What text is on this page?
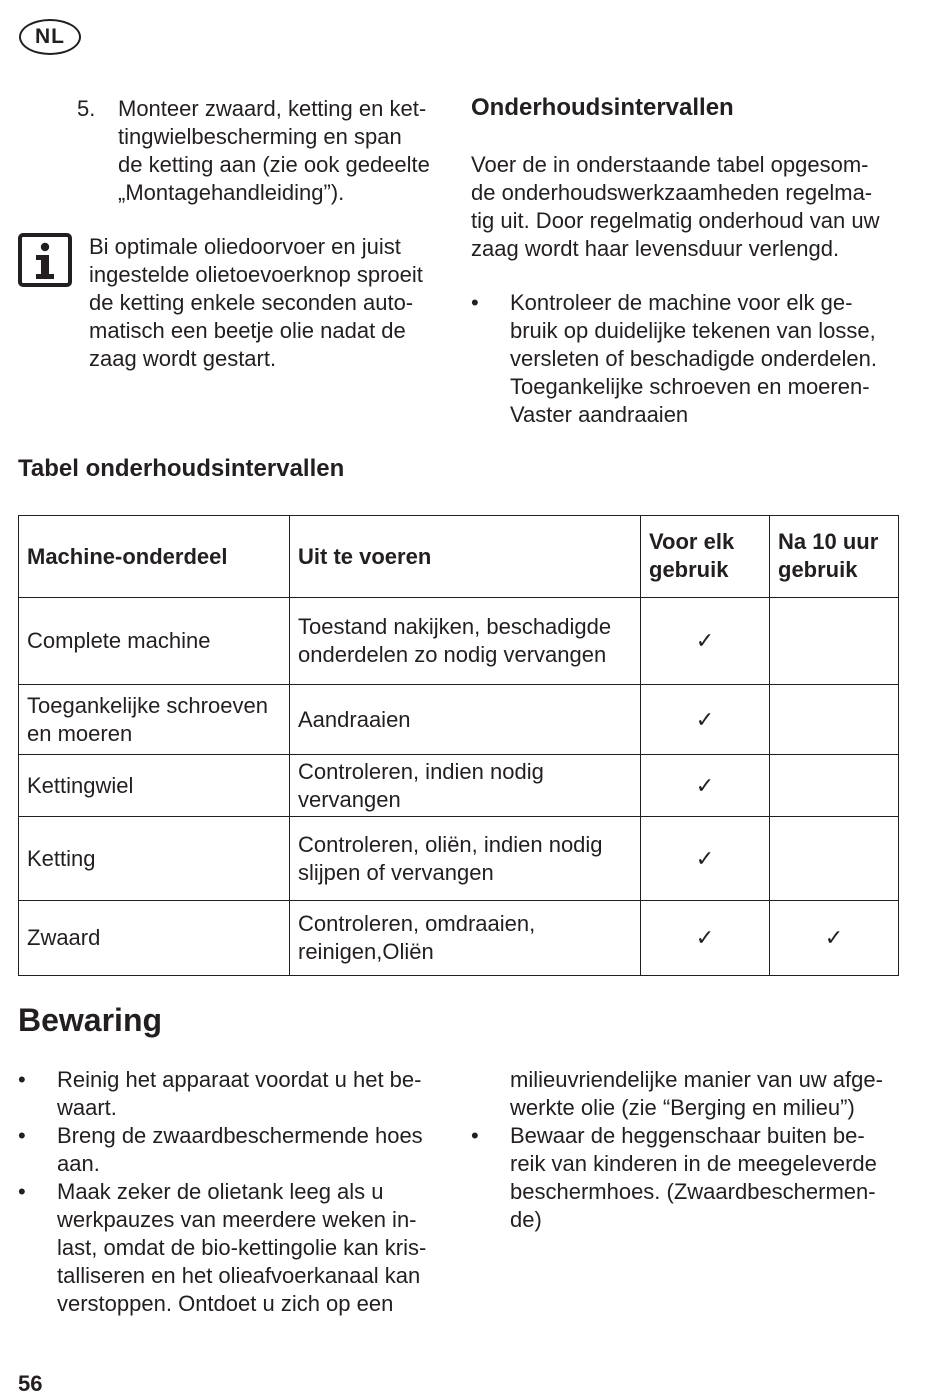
NL
5. Monteer zwaard, ketting en ket-
tingwielbescherming en span
de ketting aan (zie ook gedeelte
„Montagehandleiding”).

Bi optimale oliedoorvoer en juist
ingestelde olietoevoerknop sproeit
de ketting enkele seconden auto-
matisch een beetje olie nadat de
zaag wordt gestart.

Onderhoudsintervallen

Voer de in onderstaande tabel opgesom-
de onderhoudswerkzaamheden regelma-
tig uit. Door regelmatig onderhoud van uw
zaag wordt haar levensduur verlengd.

• Kontroleer de machine voor elk ge-
bruik op duidelijke tekenen van losse,
versleten of beschadigde onderdelen.
Toegankelijke schroeven en moeren-
Vaster aandraaien

Tabel onderhoudsintervallen
Machine-onderdeel	Uit te voeren	Voor elk
gebruik	Na 10 uur
gebruik

Complete machine	Toestand nakijken, beschadigde
onderdelen zo nodig vervangen	✓	

Toegankelijke schroeven
en moeren	Aandraaien	✓	

Kettingwiel	Controleren, indien nodig
vervangen	✓	

Ketting	Controleren, oliën, indien nodig
slijpen of vervangen	✓	

Zwaard	Controleren, omdraaien,
reinigen,Oliën	✓	✓
Bewaring
•
•
•
Reinig het apparaat voordat u het be-
waart.
Breng de zwaardbeschermende hoes
aan.
Maak zeker de olietank leeg als u
werkpauzes van meerdere weken in-
last, omdat de bio-kettingolie kan kris-
talliseren en het olieafvoerkanaal kan
verstoppen. Ontdoet u zich op een
milieuvriendelijke manier van uw afge-
werkte olie (zie “Berging en milieu”)
• Bewaar de heggenschaar buiten be-
reik van kinderen in de meegeleverde
beschermhoes. (Zwaardbeschermen-
de)
56
